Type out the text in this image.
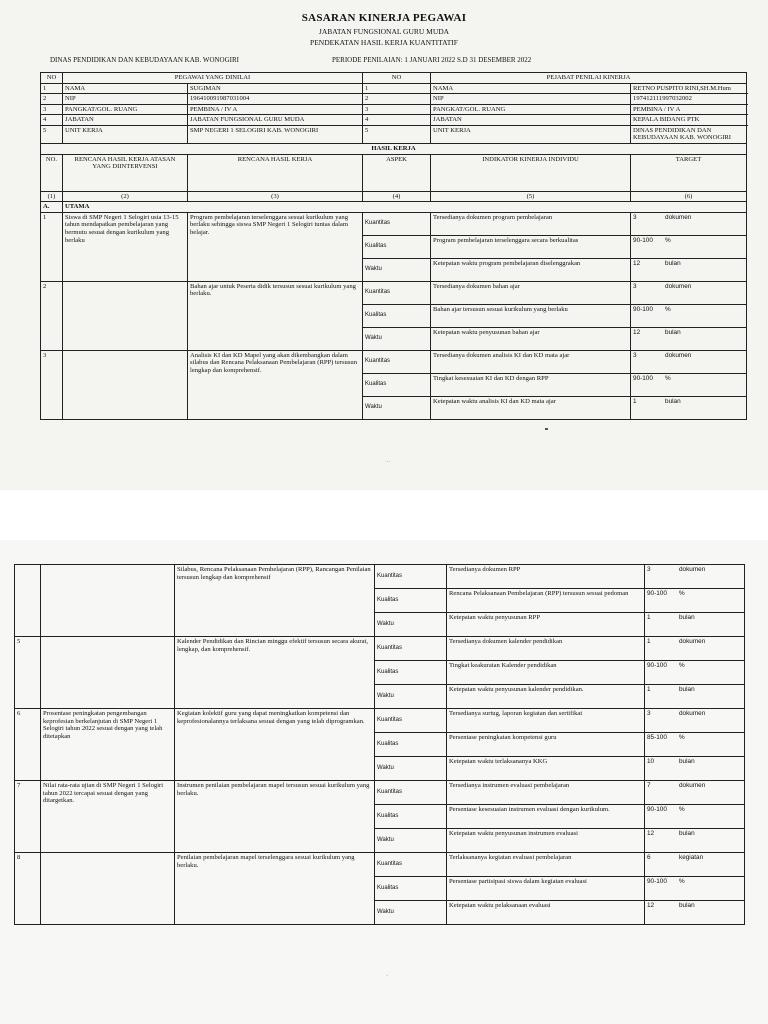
SASARAN KINERJA PEGAWAI
JABATAN FUNGSIONAL GURU MUDA
PENDEKATAN HASIL KERJA KUANTITATIF
DINAS PENDIDIKAN DAN KEBUDAYAAN KAB. WONOGIRI	PERIODE PENILAIAN: 1 JANUARI 2022 S.D 31 DESEMBER 2022
NO	PEGAWAI YANG DINILAI		NO	PEJABAT PENILAI KINERJA	
1	NAMA	SUGIMAN	1	NAMA	RETNO PUSPITO RINI,SH.M.Hum
2	NIP	196410091987031004	2	NIP	197412111997032002
3	PANGKAT/GOL. RUANG	PEMBINA / IV A	3	PANGKAT/GOL. RUANG	PEMBINA / IV A
4	JABATAN	JABATAN FUNGSIONAL GURU MUDA	4	JABATAN	KEPALA BIDANG PTK
5	UNIT KERJA	SMP NEGERI 1 SELOGIRI KAB. WONOGIRI	5	UNIT KERJA	DINAS PENDIDIKAN DAN KEBUDAYAAN KAB. WONOGIRI
HASIL KERJA					
NO.	RENCANA HASIL KERJA ATASAN YANG DIINTERVENSI	RENCANA HASIL KERJA	ASPEK	INDIKATOR KINERJA INDIVIDU	TARGET
(1)	(2)	(3)	(4)	(5)	(6)
A.	UTAMA				
1	Siswa di SMP Negeri 1 Selogiri usia 13-15 tahun mendapatkan pembelajaran yang bermutu sesuai dengan kurikulum yang berlaku	Program pembelajaran terselenggara sesuai kurikulum yang berlaku sehingga siswa SMP Negeri 1 Selogiri tuntas dalam belajar.	Kuantitas	Tersedianya dokumen program pembelajaran	3 dokumen
			Kualitas	Program pembelajaran terselenggara secara berkualitas	90-100 %
			Waktu	Ketepatan waktu program pembelajaran diselenggrakan	12 bulan
2		Bahan ajar untuk Peserta didik tersusun sesuai kurikulum yang berlaku.	Kuantitas	Tersedianya dokumen bahan ajar	3 dokumen
			Kualitas	Bahan ajar tersusun sesuai kurikulum yang berlaku	90-100 %
			Waktu	Ketepatan waktu penyusunan bahan ajar	12 bulan
3		Analisis KI dan KD Mapel yang akan dikembangkan dalam silabus dan Rencana Pelaksanaan Pembelajaran (RPP) tersusun lengkap dan komprehensif.	Kuantitas	Tersedianya dokumen analisis KI dan KD mata ajar	3 dokumen
			Kualitas	Tingkat kesesuaian KI dan KD dengan RPP	90-100 %
			Waktu	Ketepatan waktu analisis KI dan KD mata ajar	1 bulan
··
		Silabus, Rencana Pelaksanaan Pembelajaran (RPP), Rancangan Penilaian tersusun lengkap dan komprehensif	Kuantitas	Tersedianya dokumen RPP	3 dokumen
			Kualitas	Rencana Pelaksanaan Pembelajaran (RPP) tersusun sesuai pedoman	90-100 %
			Waktu	Ketepatan waktu penyusunan RPP	1 bulan
5		Kalender Pendidikan dan Rincian minggu efektif tersusun secara akurat, lengkap, dan komprehensif.	Kuantitas	Tersedianya dokumen kalender pendidikan	1 dokumen
			Kualitas	Tingkat keakuratan Kalender pendidikan	90-100 %
			Waktu	Ketepatan waktu penyusunan kalender pendidikan.	1 bulan
6	Prosentase peningkatan pengembangan keprofesian berkelanjutan di SMP Negeri 1 Selogiri tahun 2022 sesuai dengan yang telah ditetapkan	Kegiatan kolektif guru yang dapat meningkatkan kompetensi dan keprofesionalannya terlaksana sesuai dengan yang telah diprogramkan.	Kuantitas	Tersedianya surtug, laporan kegiatan dan sertifikat	3 dokumen
			Kualitas	Persentase peningkatan kompetensi guru	85-100 %
			Waktu	Ketepatan waktu terlaksananya KKG	10 bulan
7	Nilai rata-rata ujian di SMP Negeri 1 Selogiri tahun 2022 tercapai sesuai dengan yang ditargetkan.	Instrumen penilaian pembelajaran mapel tersusun sesuai kurikulum yang berlaku.	Kuantitas	Tersedianya instrumen evaluasi pembelajaran	7 dokumen
			Kualitas	Persentase kesesuaian instrumen evaluasi dengan kurikulum.	90-100 %
			Waktu	Ketepatan waktu penyusunan instrumen evaluasi	12 bulan
8		Penilaian pembelajaran mapel terselenggara sesuai kurikulum yang berlaku.	Kuantitas	Terlaksananya kegiatan evaluasi pembelajaran	6 kegiatan
			Kualitas	Persentase partisipasi siswa dalam kegiatan evaluasi	90-100 %
			Waktu	Ketepatan waktu pelaksanaan evaluasi	12 bulan
·
